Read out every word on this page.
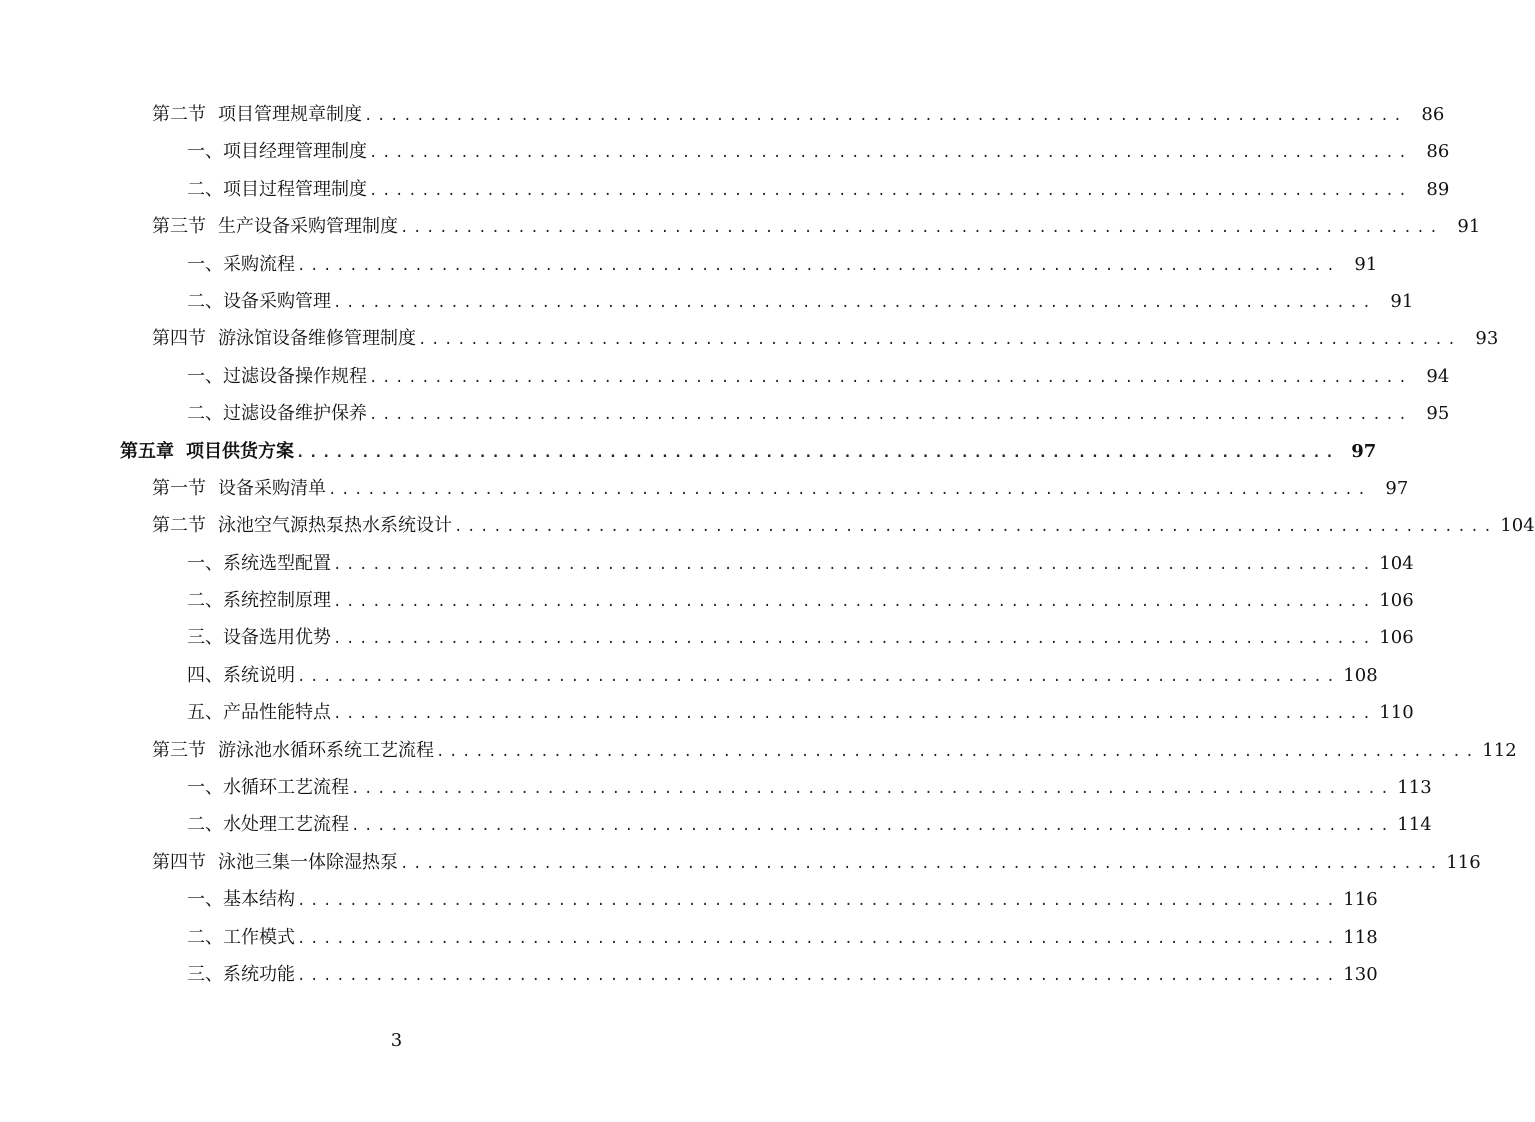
第二节 项目管理规章制度 ................................................................................ 86
一、项目经理管理制度 ................................................................................ 86
二、项目过程管理制度 ................................................................................ 89
第三节 生产设备采购管理制度 ................................................................................ 91
一、采购流程 ................................................................................ 91
二、设备采购管理 ................................................................................ 91
第四节 游泳馆设备维修管理制度 ................................................................................ 93
一、过滤设备操作规程 ................................................................................ 94
二、过滤设备维护保养 ................................................................................ 95
第五章 项目供货方案 ................................................................................ 97
第一节 设备采购清单 ................................................................................ 97
第二节 泳池空气源热泵热水系统设计 ................................................................................ 104
一、系统选型配置 ................................................................................ 104
二、系统控制原理 ................................................................................ 106
三、设备选用优势 ................................................................................ 106
四、系统说明 ................................................................................ 108
五、产品性能特点 ................................................................................ 110
第三节 游泳池水循环系统工艺流程 ................................................................................ 112
一、水循环工艺流程 ................................................................................ 113
二、水处理工艺流程 ................................................................................ 114
第四节 泳池三集一体除湿热泵 ................................................................................ 116
一、基本结构 ................................................................................ 116
二、工作模式 ................................................................................ 118
三、系统功能 ................................................................................ 130
3
